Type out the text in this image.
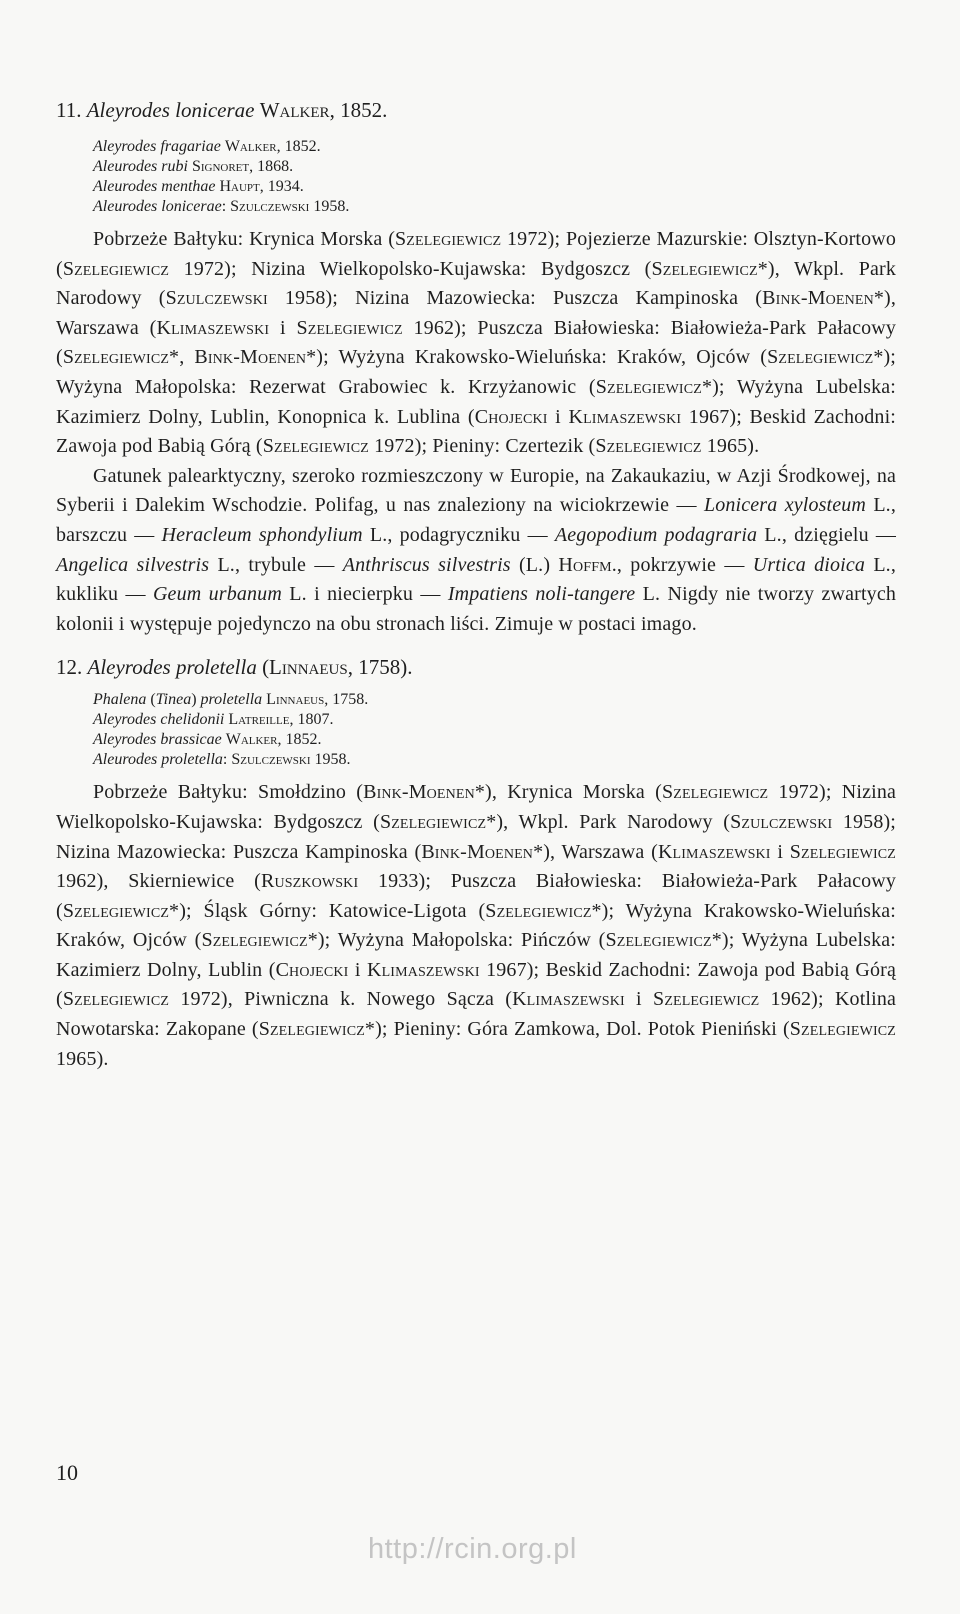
11. Aleyrodes lonicerae Walker, 1852.
Aleyrodes fragariae Walker, 1852.
Aleurodes rubi Signoret, 1868.
Aleurodes menthae Haupt, 1934.
Aleurodes lonicerae: Szulczewski 1958.

Pobrzeże Bałtyku: Krynica Morska (Szelegiewicz 1972); Pojezierze Mazurskie: Olsztyn-Kortowo (Szelegiewicz 1972); Nizina Wielkopolsko-Kujawska: Bydgoszcz (Szelegiewicz*), Wkpl. Park Narodowy (Szulczewski 1958); Nizina Mazowiecka: Puszcza Kampinoska (Bink-Moenen*), Warszawa (Klimaszewski i Szelegiewicz 1962); Puszcza Białowieska: Białowieża-Park Pałacowy (Szelegiewicz*, Bink-Moenen*); Wyżyna Krakowsko-Wieluńska: Kraków, Ojców (Szelegiewicz*); Wyżyna Małopolska: Rezerwat Grabowiec k. Krzyżanowic (Szelegiewicz*); Wyżyna Lubelska: Kazimierz Dolny, Lublin, Konopnica k. Lublina (Chojecki i Klimaszewski 1967); Beskid Zachodni: Zawoja pod Babią Górą (Szelegiewicz 1972); Pieniny: Czertezik (Szelegiewicz 1965).

Gatunek palearktyczny, szeroko rozmieszczony w Europie, na Zakaukaziu, w Azji Środkowej, na Syberii i Dalekim Wschodzie. Polifag, u nas znaleziony na wiciokrzewie — Lonicera xylosteum L., barszczu — Heracleum sphondylium L., podagryczniku — Aegopodium podagraria L., dzięgielu — Angelica silvestris L., trybule — Anthriscus silvestris (L.) Hoffm., pokrzywie — Urtica dioica L., kukliku — Geum urbanum L. i niecierpku — Impatiens noli-tangere L. Nigdy nie tworzy zwartych kolonii i występuje pojedynczo na obu stronach liści. Zimuje w postaci imago.

12. Aleyrodes proletella (Linnaeus, 1758).
Phalena (Tinea) proletella Linnaeus, 1758.
Aleyrodes chelidonii Latreille, 1807.
Aleyrodes brassicae Walker, 1852.
Aleurodes proletella: Szulczewski 1958.

Pobrzeże Bałtyku: Smołdzino (Bink-Moenen*), Krynica Morska (Szelegiewicz 1972); Nizina Wielkopolsko-Kujawska: Bydgoszcz (Szelegiewicz*), Wkpl. Park Narodowy (Szulczewski 1958); Nizina Mazowiecka: Puszcza Kampinoska (Bink-Moenen*), Warszawa (Klimaszewski i Szelegiewicz 1962), Skierniewice (Ruszkowski 1933); Puszcza Białowieska: Białowieża-Park Pałacowy (Szelegiewicz*); Śląsk Górny: Katowice-Ligota (Szelegiewicz*); Wyżyna Krakowsko-Wieluńska: Kraków, Ojców (Szelegiewicz*); Wyżyna Małopolska: Pińczów (Szelegiewicz*); Wyżyna Lubelska: Kazimierz Dolny, Lublin (Chojecki i Klimaszewski 1967); Beskid Zachodni: Zawoja pod Babią Górą (Szelegiewicz 1972), Piwniczna k. Nowego Sącza (Klimaszewski i Szelegiewicz 1962); Kotlina Nowotarska: Zakopane (Szelegiewicz*); Pieniny: Góra Zamkowa, Dol. Potok Pieniński (Szelegiewicz 1965).

10
http://rcin.org.pl
